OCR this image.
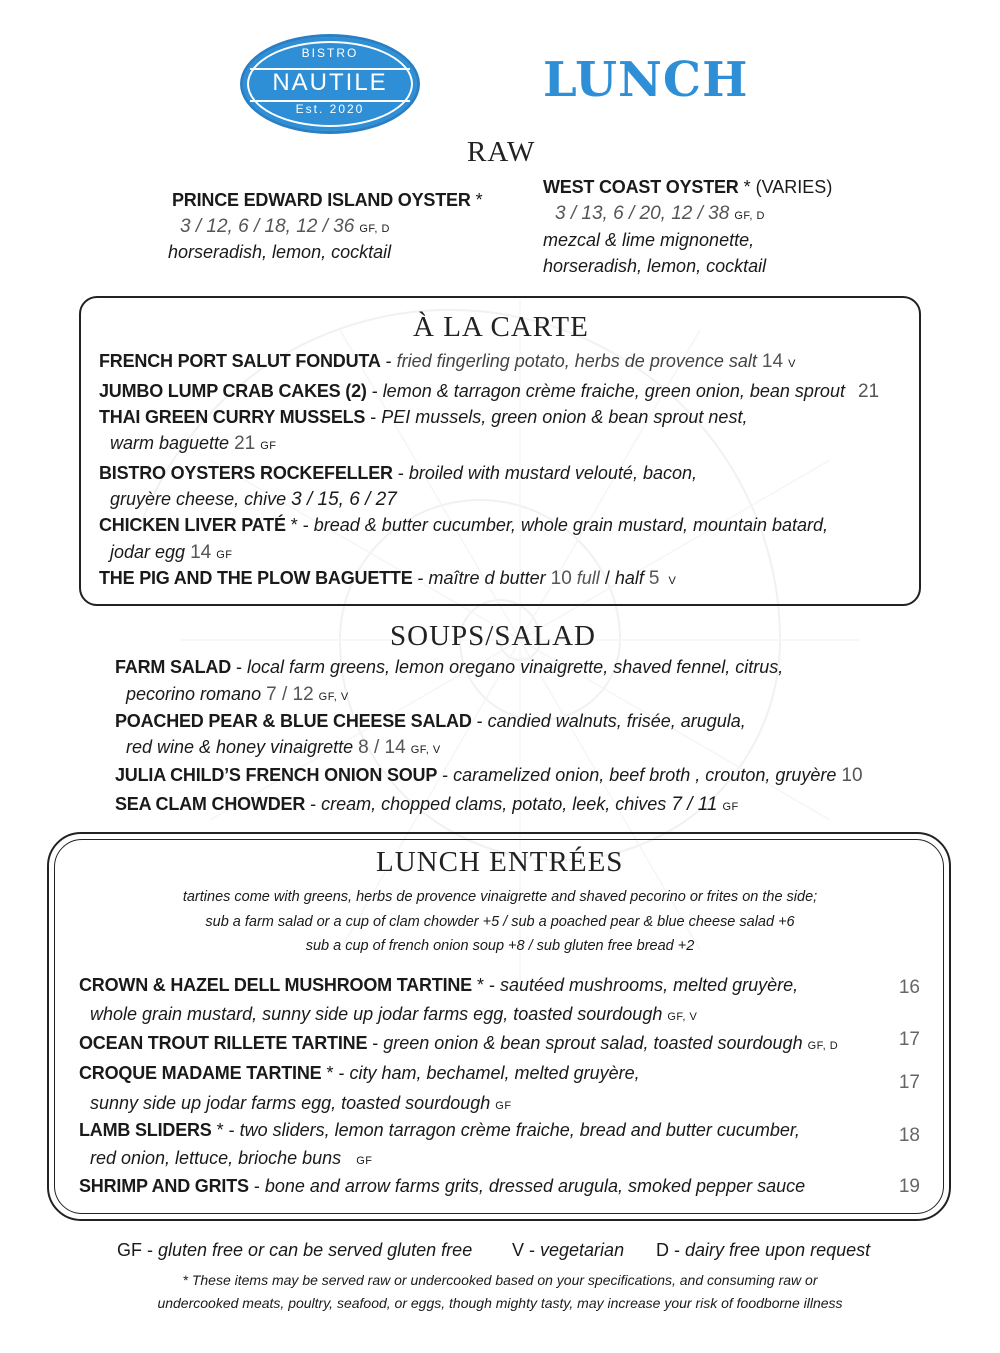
BISTRO
NAUTILE
Est. 2020
LUNCH
RAW
PRINCE EDWARD ISLAND OYSTER *
3 / 12, 6 / 18, 12 / 36 GF, D
horseradish, lemon, cocktail
WEST COAST OYSTER * (VARIES)
3 / 13, 6 / 20, 12 / 38 GF, D
mezcal & lime mignonette,
horseradish, lemon, cocktail
À LA CARTE
FRENCH PORT SALUT FONDUTA - fried fingerling potato, herbs de provence salt 14 V
JUMBO LUMP CRAB CAKES (2) - lemon & tarragon crème fraiche, green onion, bean sprout 21
THAI GREEN CURRY MUSSELS - PEI mussels, green onion & bean sprout nest,
warm baguette 21 GF
BISTRO OYSTERS ROCKEFELLER - broiled with mustard velouté, bacon,
gruyère cheese, chive 3 / 15, 6 / 27
CHICKEN LIVER PATÉ * - bread & butter cucumber, whole grain mustard, mountain batard,
jodar egg 14 GF
THE PIG AND THE PLOW BAGUETTE - maître d butter 10 full / half 5 V
SOUPS/SALAD
FARM SALAD - local farm greens, lemon oregano vinaigrette, shaved fennel, citrus,
pecorino romano 7 / 12 GF, V
POACHED PEAR & BLUE CHEESE SALAD - candied walnuts, frisée, arugula,
red wine & honey vinaigrette 8 / 14 GF, V
JULIA CHILD’S FRENCH ONION SOUP - caramelized onion, beef broth , crouton, gruyère 10
SEA CLAM CHOWDER - cream, chopped clams, potato, leek, chives 7 / 11 GF
LUNCH ENTRÉES
tartines come with greens, herbs de provence vinaigrette and shaved pecorino or frites on the side;
sub a farm salad or a cup of clam chowder +5 / sub a poached pear & blue cheese salad +6
sub a cup of french onion soup +8 / sub gluten free bread +2
CROWN & HAZEL DELL MUSHROOM TARTINE * - sautéed mushrooms, melted gruyère,
whole grain mustard, sunny side up jodar farms egg, toasted sourdough GF, V
16
OCEAN TROUT RILLETE TARTINE - green onion & bean sprout salad, toasted sourdough GF, D	17
CROQUE MADAME TARTINE * - city ham, bechamel, melted gruyère,
sunny side up jodar farms egg, toasted sourdough GF
17
LAMB SLIDERS * - two sliders, lemon tarragon crème fraiche, bread and butter cucumber,
red onion, lettuce, brioche buns GF
18
SHRIMP AND GRITS - bone and arrow farms grits, dressed arugula, smoked pepper sauce	19
GF - gluten free or can be served gluten free V - vegetarian D - dairy free upon request
* These items may be served raw or undercooked based on your specifications, and consuming raw or
undercooked meats, poultry, seafood, or eggs, though mighty tasty, may increase your risk of foodborne illness
